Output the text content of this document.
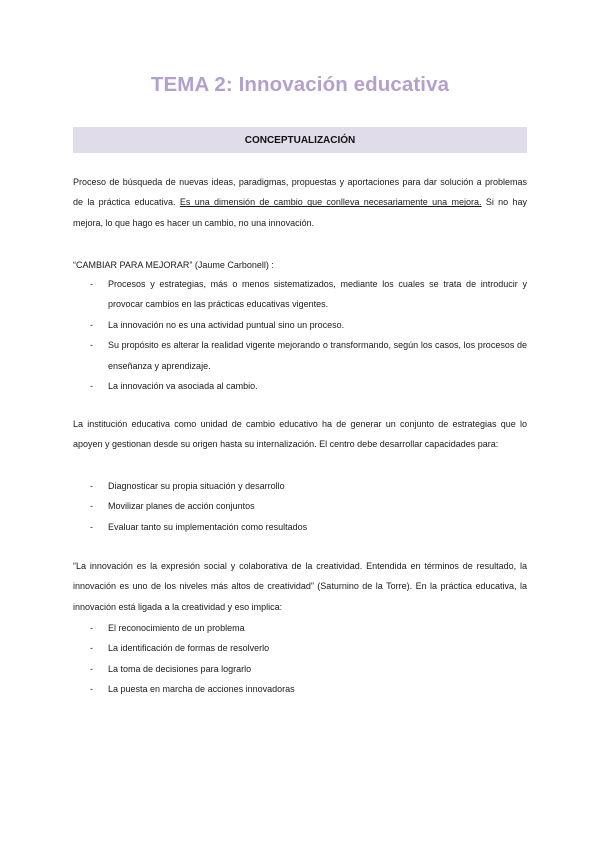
TEMA 2: Innovación educativa
CONCEPTUALIZACIÓN

Proceso de búsqueda de nuevas ideas, paradigmas, propuestas y aportaciones para dar solución a problemas de la práctica educativa. Es una dimensión de cambio que conlleva necesariamente una mejora. Si no hay mejora, lo que hago es hacer un cambio, no una innovación.

“CAMBIAR PARA MEJORAR” (Jaume Carbonell) :

- Procesos y estrategias, más o menos sistematizados, mediante los cuales se trata de introducir y provocar cambios en las prácticas educativas vigentes.
- La innovación no es una actividad puntual sino un proceso.
- Su propósito es alterar la realidad vigente mejorando o transformando, según los casos, los procesos de enseñanza y aprendizaje.
- La innovación va asociada al cambio.

La institución educativa como unidad de cambio educativo ha de generar un conjunto de estrategias que lo apoyen y gestionan desde su origen hasta su internalización. El centro debe desarrollar capacidades para:

- Diagnosticar su propia situación y desarrollo
- Movilizar planes de acción conjuntos
- Evaluar tanto su implementación como resultados

“La innovación es la expresión social y colaborativa de la creatividad. Entendida en términos de resultado, la innovación es uno de los niveles más altos de creatividad” (Saturnino de la Torre). En la práctica educativa, la innovación está ligada a la creatividad y eso implica:

- El reconocimiento de un problema
- La identificación de formas de resolverlo
- La toma de decisiones para lograrlo
- La puesta en marcha de acciones innovadoras
